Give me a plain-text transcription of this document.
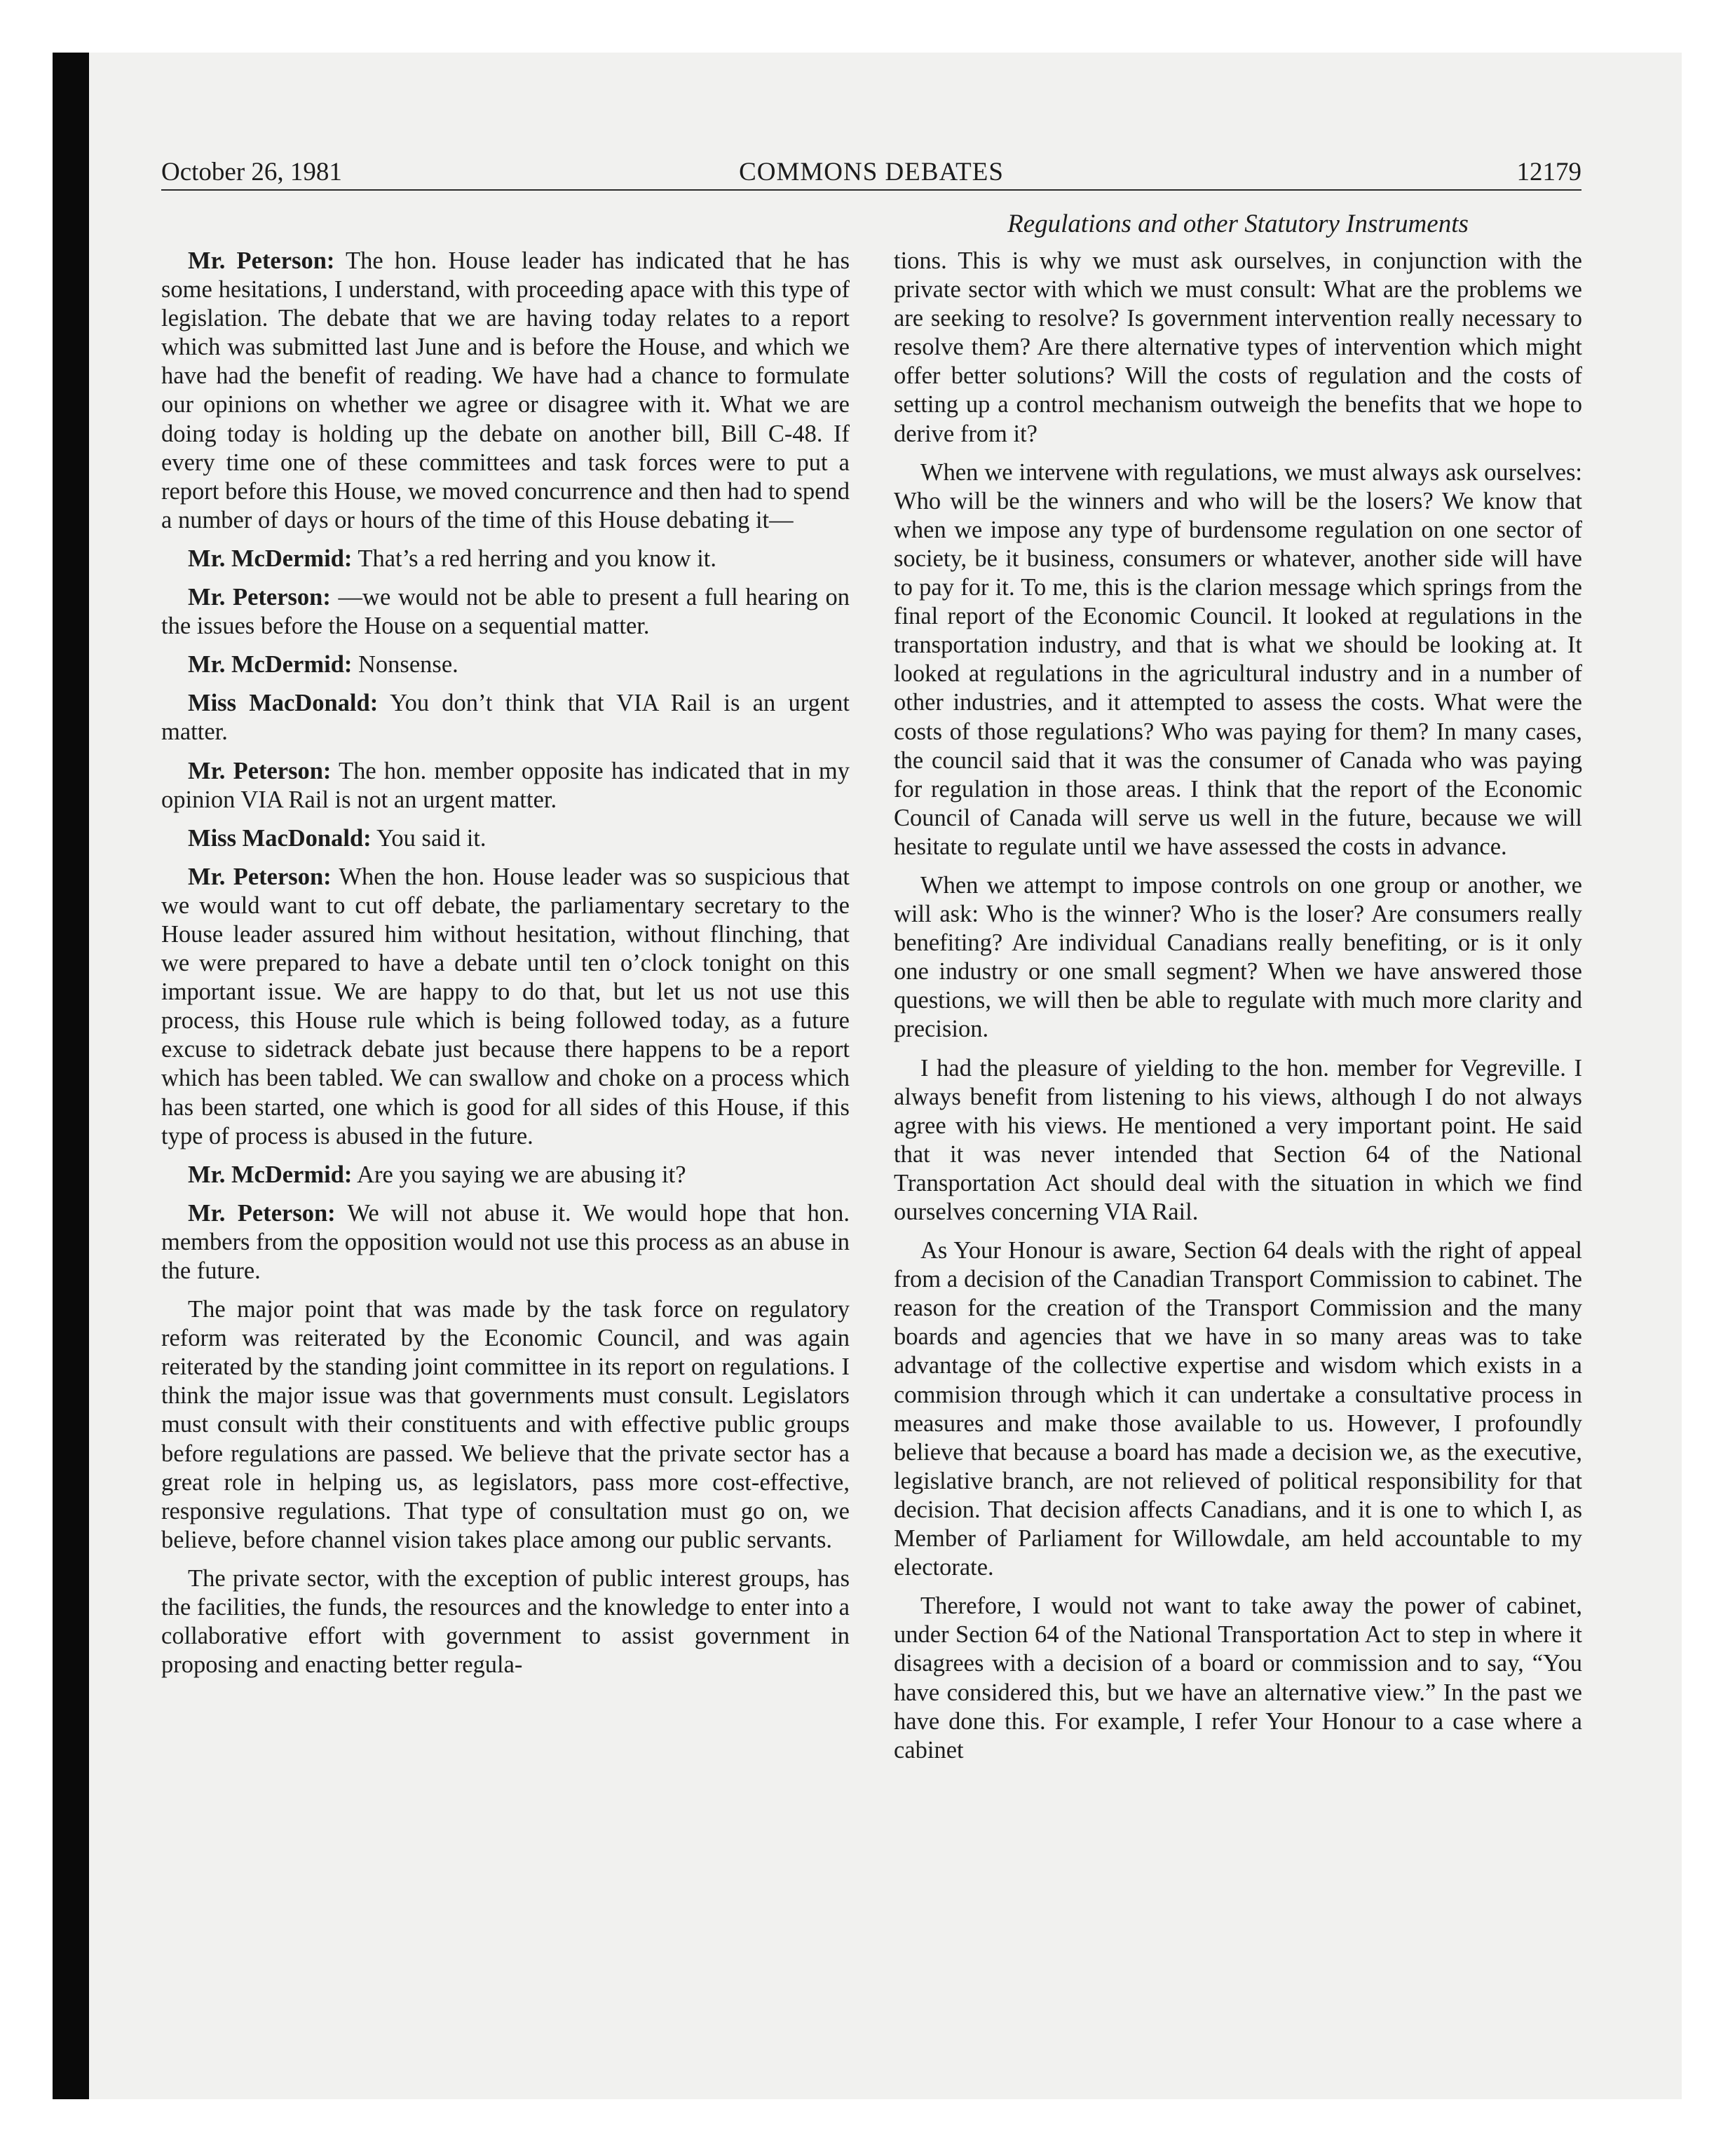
October 26, 1981	COMMONS DEBATES	12179
Regulations and other Statutory Instruments

Mr. Peterson: The hon. House leader has indicated that he has some hesitations, I understand, with proceeding apace with this type of legislation. The debate that we are having today relates to a report which was submitted last June and is before the House, and which we have had the benefit of reading. We have had a chance to formulate our opinions on whether we agree or disagree with it. What we are doing today is holding up the debate on another bill, Bill C-48. If every time one of these committees and task forces were to put a report before this House, we moved concurrence and then had to spend a number of days or hours of the time of this House debating it—

Mr. McDermid: That’s a red herring and you know it.

Mr. Peterson: —we would not be able to present a full hearing on the issues before the House on a sequential matter.

Mr. McDermid: Nonsense.

Miss MacDonald: You don’t think that VIA Rail is an urgent matter.

Mr. Peterson: The hon. member opposite has indicated that in my opinion VIA Rail is not an urgent matter.

Miss MacDonald: You said it.

Mr. Peterson: When the hon. House leader was so suspicious that we would want to cut off debate, the parliamentary secretary to the House leader assured him without hesitation, without flinching, that we were prepared to have a debate until ten o’clock tonight on this important issue. We are happy to do that, but let us not use this process, this House rule which is being followed today, as a future excuse to sidetrack debate just because there happens to be a report which has been tabled. We can swallow and choke on a process which has been started, one which is good for all sides of this House, if this type of process is abused in the future.

Mr. McDermid: Are you saying we are abusing it?

Mr. Peterson: We will not abuse it. We would hope that hon. members from the opposition would not use this process as an abuse in the future.

The major point that was made by the task force on regulatory reform was reiterated by the Economic Council, and was again reiterated by the standing joint committee in its report on regulations. I think the major issue was that governments must consult. Legislators must consult with their constituents and with effective public groups before regulations are passed. We believe that the private sector has a great role in helping us, as legislators, pass more cost-effective, responsive regulations. That type of consultation must go on, we believe, before channel vision takes place among our public servants.

The private sector, with the exception of public interest groups, has the facilities, the funds, the resources and the knowledge to enter into a collaborative effort with government to assist government in proposing and enacting better regula-

tions. This is why we must ask ourselves, in conjunction with the private sector with which we must consult: What are the problems we are seeking to resolve? Is government intervention really necessary to resolve them? Are there alternative types of intervention which might offer better solutions? Will the costs of regulation and the costs of setting up a control mechanism outweigh the benefits that we hope to derive from it?

When we intervene with regulations, we must always ask ourselves: Who will be the winners and who will be the losers? We know that when we impose any type of burdensome regulation on one sector of society, be it business, consumers or whatever, another side will have to pay for it. To me, this is the clarion message which springs from the final report of the Economic Council. It looked at regulations in the transportation industry, and that is what we should be looking at. It looked at regulations in the agricultural industry and in a number of other industries, and it attempted to assess the costs. What were the costs of those regulations? Who was paying for them? In many cases, the council said that it was the consumer of Canada who was paying for regulation in those areas. I think that the report of the Economic Council of Canada will serve us well in the future, because we will hesitate to regulate until we have assessed the costs in advance.

When we attempt to impose controls on one group or another, we will ask: Who is the winner? Who is the loser? Are consumers really benefiting? Are individual Canadians really benefiting, or is it only one industry or one small segment? When we have answered those questions, we will then be able to regulate with much more clarity and precision.

I had the pleasure of yielding to the hon. member for Vegreville. I always benefit from listening to his views, although I do not always agree with his views. He mentioned a very important point. He said that it was never intended that Section 64 of the National Transportation Act should deal with the situation in which we find ourselves concerning VIA Rail.

As Your Honour is aware, Section 64 deals with the right of appeal from a decision of the Canadian Transport Commission to cabinet. The reason for the creation of the Transport Commission and the many boards and agencies that we have in so many areas was to take advantage of the collective expertise and wisdom which exists in a commision through which it can undertake a consultative process in measures and make those available to us. However, I profoundly believe that because a board has made a decision we, as the executive, legislative branch, are not relieved of political responsibility for that decision. That decision affects Canadians, and it is one to which I, as Member of Parliament for Willowdale, am held accountable to my electorate.

Therefore, I would not want to take away the power of cabinet, under Section 64 of the National Transportation Act to step in where it disagrees with a decision of a board or commission and to say, “You have considered this, but we have an alternative view.” In the past we have done this. For example, I refer Your Honour to a case where a cabinet
